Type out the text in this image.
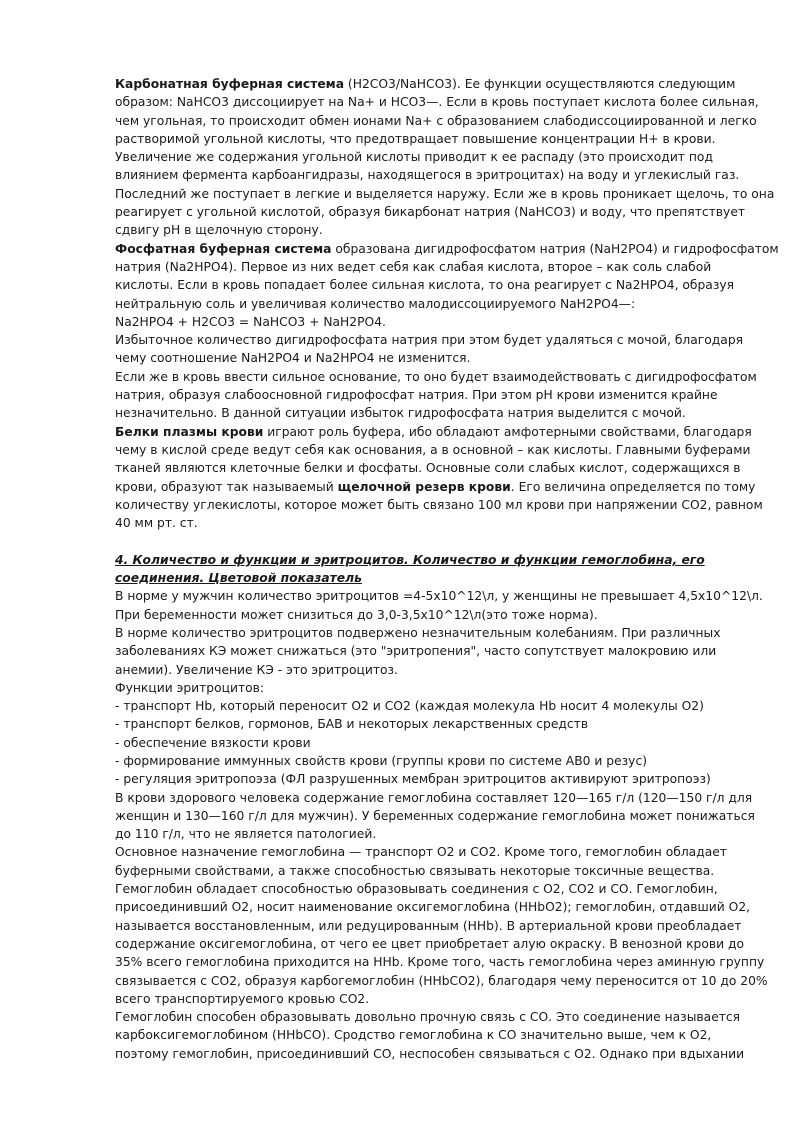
Карбонатная буферная система (H2CO3/NaHCO3). Ее функции осуществляются следующим
образом: NaHCO3 диссоциирует на Na+ и HCO3—. Если в кровь поступает кислота более сильная,
чем угольная, то происходит обмен ионами Na+ с образованием слабодиссоциированной и легко
растворимой угольной кислоты, что предотвращает повышение концентрации H+ в крови.
Увеличение же содержания угольной кислоты приводит к ее распаду (это происходит под
влиянием фермента карбоангидразы, находящегося в эритроцитах) на воду и углекислый газ.
Последний же поступает в легкие и выделяется наружу. Если же в кровь проникает щелочь, то она
реагирует с угольной кислотой, образуя бикарбонат натрия (NaHCO3) и воду, что препятствует
сдвигу pH в щелочную сторону.
Фосфатная буферная система образована дигидрофосфатом натрия (NaH2PO4) и гидрофосфатом
натрия (Na2HPO4). Первое из них ведет себя как слабая кислота, второе – как соль слабой
кислоты. Если в кровь попадает более сильная кислота, то она реагирует с Na2HPO4, образуя
нейтральную соль и увеличивая количество малодиссоциируемого NaH2PO4—:
Na2HPO4 + H2CO3 = NaHCO3 + NaH2PO4.
Избыточное количество дигидрофосфата натрия при этом будет удаляться с мочой, благодаря
чему соотношение NaH2PO4 и Na2HPO4 не изменится.
Если же в кровь ввести сильное основание, то оно будет взаимодействовать с дигидрофосфатом
натрия, образуя слабоосновной гидрофосфат натрия. При этом pH крови изменится крайне
незначительно. В данной ситуации избыток гидрофосфата натрия выделится с мочой.
Белки плазмы крови играют роль буфера, ибо обладают амфотерными свойствами, благодаря
чему в кислой среде ведут себя как основания, а в основной – как кислоты. Главными буферами
тканей являются клеточные белки и фосфаты. Основные соли слабых кислот, содержащихся в
крови, образуют так называемый щелочной резерв крови. Его величина определяется по тому
количеству углекислоты, которое может быть связано 100 мл крови при напряжении CO2, равном
40 мм рт. ст.
4. Количество и функции и эритроцитов. Количество и функции гемоглобина, его
соединения. Цветовой показатель
В норме у мужчин количество эритроцитов =4-5х10^12\л, у женщины не превышает 4,5х10^12\л.
При беременности может снизиться до 3,0-3,5х10^12\л(это тоже норма).
В норме количество эритроцитов подвержено незначительным колебаниям. При различных
заболеваниях КЭ может снижаться (это "эритропения", часто сопутствует малокровию или
анемии). Увеличение КЭ - это эритроцитоз.
Функции эритроцитов:
- транспорт Hb, который переносит О2 и СО2 (каждая молекула Hb носит 4 молекулы О2)
- транспорт белков, гормонов, БАВ и некоторых лекарственных средств
- обеспечение вязкости крови
- формирование иммунных свойств крови (группы крови по системе АВ0 и резус)
- регуляция эритропоэза (ФЛ разрушенных мембран эритроцитов активируют эритропоэз)
В крови здорового человека содержание гемоглобина составляет 120—165 г/л (120—150 г/л для
женщин и 130—160 г/л для мужчин). У беременных содержание гемоглобина может понижаться
до 110 г/л, что не является патологией.
Основное назначение гемоглобина — транспорт О2 и СО2. Кроме того, гемоглобин обладает
буферными свойствами, а также способностью связывать некоторые токсичные вещества.
Гемоглобин обладает способностью образовывать соединения с О2, СО2 и СО. Гемоглобин,
присоединивший О2, носит наименование оксигемоглобина (ННbО2); гемоглобин, отдавший О2,
называется восстановленным, или редуцированным (ННb). В артериальной крови преобладает
содержание оксигемоглобина, от чего ее цвет приобретает алую окраску. В венозной крови до
35% всего гемоглобина приходится на ННb. Кроме того, часть гемоглобина через аминную группу
связывается с СО2, образуя карбогемоглобин (ННbСО2), благодаря чему переносится от 10 до 20%
всего транспортируемого кровью СО2.
Гемоглобин способен образовывать довольно прочную связь с СО. Это соединение называется
карбоксигемоглобином (ННbСО). Сродство гемоглобина к СО значительно выше, чем к О2,
поэтому гемоглобин, присоединивший СО, неспособен связываться с О2. Однако при вдыхании
